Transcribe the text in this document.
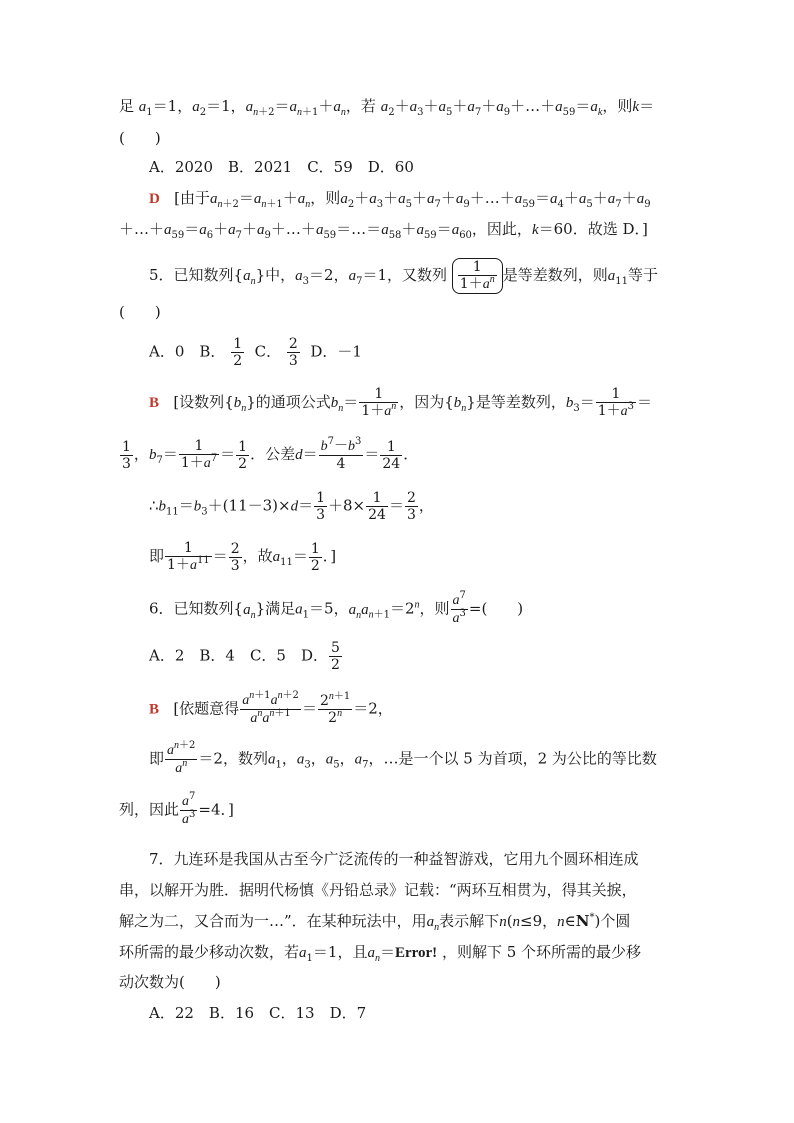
足 $a_1=1$，$a_2=1$，$a_{n+2}=a_{n+1}+a_n$，若 $a_2+a_3+a_5+a_7+a_9+\dots+a_{59}=a_k$，则k＝
(　　)
A．2020　B．2021　C．59　D．60
D [由于$a_{n+2}=a_{n+1}+a_n$，则$a_2+a_3+a_5+a_7+a_9+\dots+a_{59}=a_4+a_5+a_7+a_9$
$+\dots+a_{59}=a_6+a_7+a_9+\dots+a_{59}=\dots=a_{58}+a_{59}=a_{60}$，因此，k＝60．故选 D．]
5．已知数列$\{a_n\}$中，$a_3=2$，$a_7=1$，又数列 $\frac{1}{1+a^n}$ 是等差数列，则$a_{11}$等于
(　　)
A．0　B． $\frac{1}{2}$ C． $\frac{2}{3}$ D．－1
B [设数列$\{b_n\}$的通项公式$b_n= \frac{1}{1+a^n}$ ，因为$\{b_n\}$是等差数列，$b_3= \frac{1}{1+a^3}$ ＝
$\frac{1}{3}$ ，$b_7= \frac{1}{1+a^7} = \frac{1}{2}$ ．公差$d= \frac{b^7-b^3}{4} = \frac{1}{24}$ ．
$\therefore b_{11}=b_3+(11-3)\times d= \frac{1}{3} +8\times \frac{1}{24} = \frac{2}{3}$ ，
即 $\frac{1}{1+a^{11}} = \frac{2}{3}$ ，故$a_{11}= \frac{1}{2}$ ．]
6．已知数列$\{a_n\}$满足$a_1=5$，$a_na_{n+1}=2^n$，则 $\frac{a^7}{a^3}$ =(　　)
A．2　B．4　C．5　D． $\frac{5}{2}$
B [依题意得 $\frac{a^{n+1}a^{n+2}}{a^na^{n+1}} = \frac{2^{n+1}}{2^n} =2$，
即 $\frac{a^{n+2}}{a^n} =2$，数列$a_1$，$a_3$，$a_5$，$a_7$，…是一个以 5 为首项，2 为公比的等比数
列，因此 $\frac{a^7}{a^3} =4$．]
7．九连环是我国从古至今广泛流传的一种益智游戏，它用九个圆环相连成
串，以解开为胜．据明代杨慎《丹铅总录》记载：“两环互相贯为，得其关捩，
解之为二，又合而为一…”．在某种玩法中，用$a_n$表示解下n(n≤9，n∈N*)个圆
环所需的最少移动次数，若$a_1=1$，且$a_n=Error$! ，则解下 5 个环所需的最少移
动次数为(　　)
A．22　B．16　C．13　D．7
